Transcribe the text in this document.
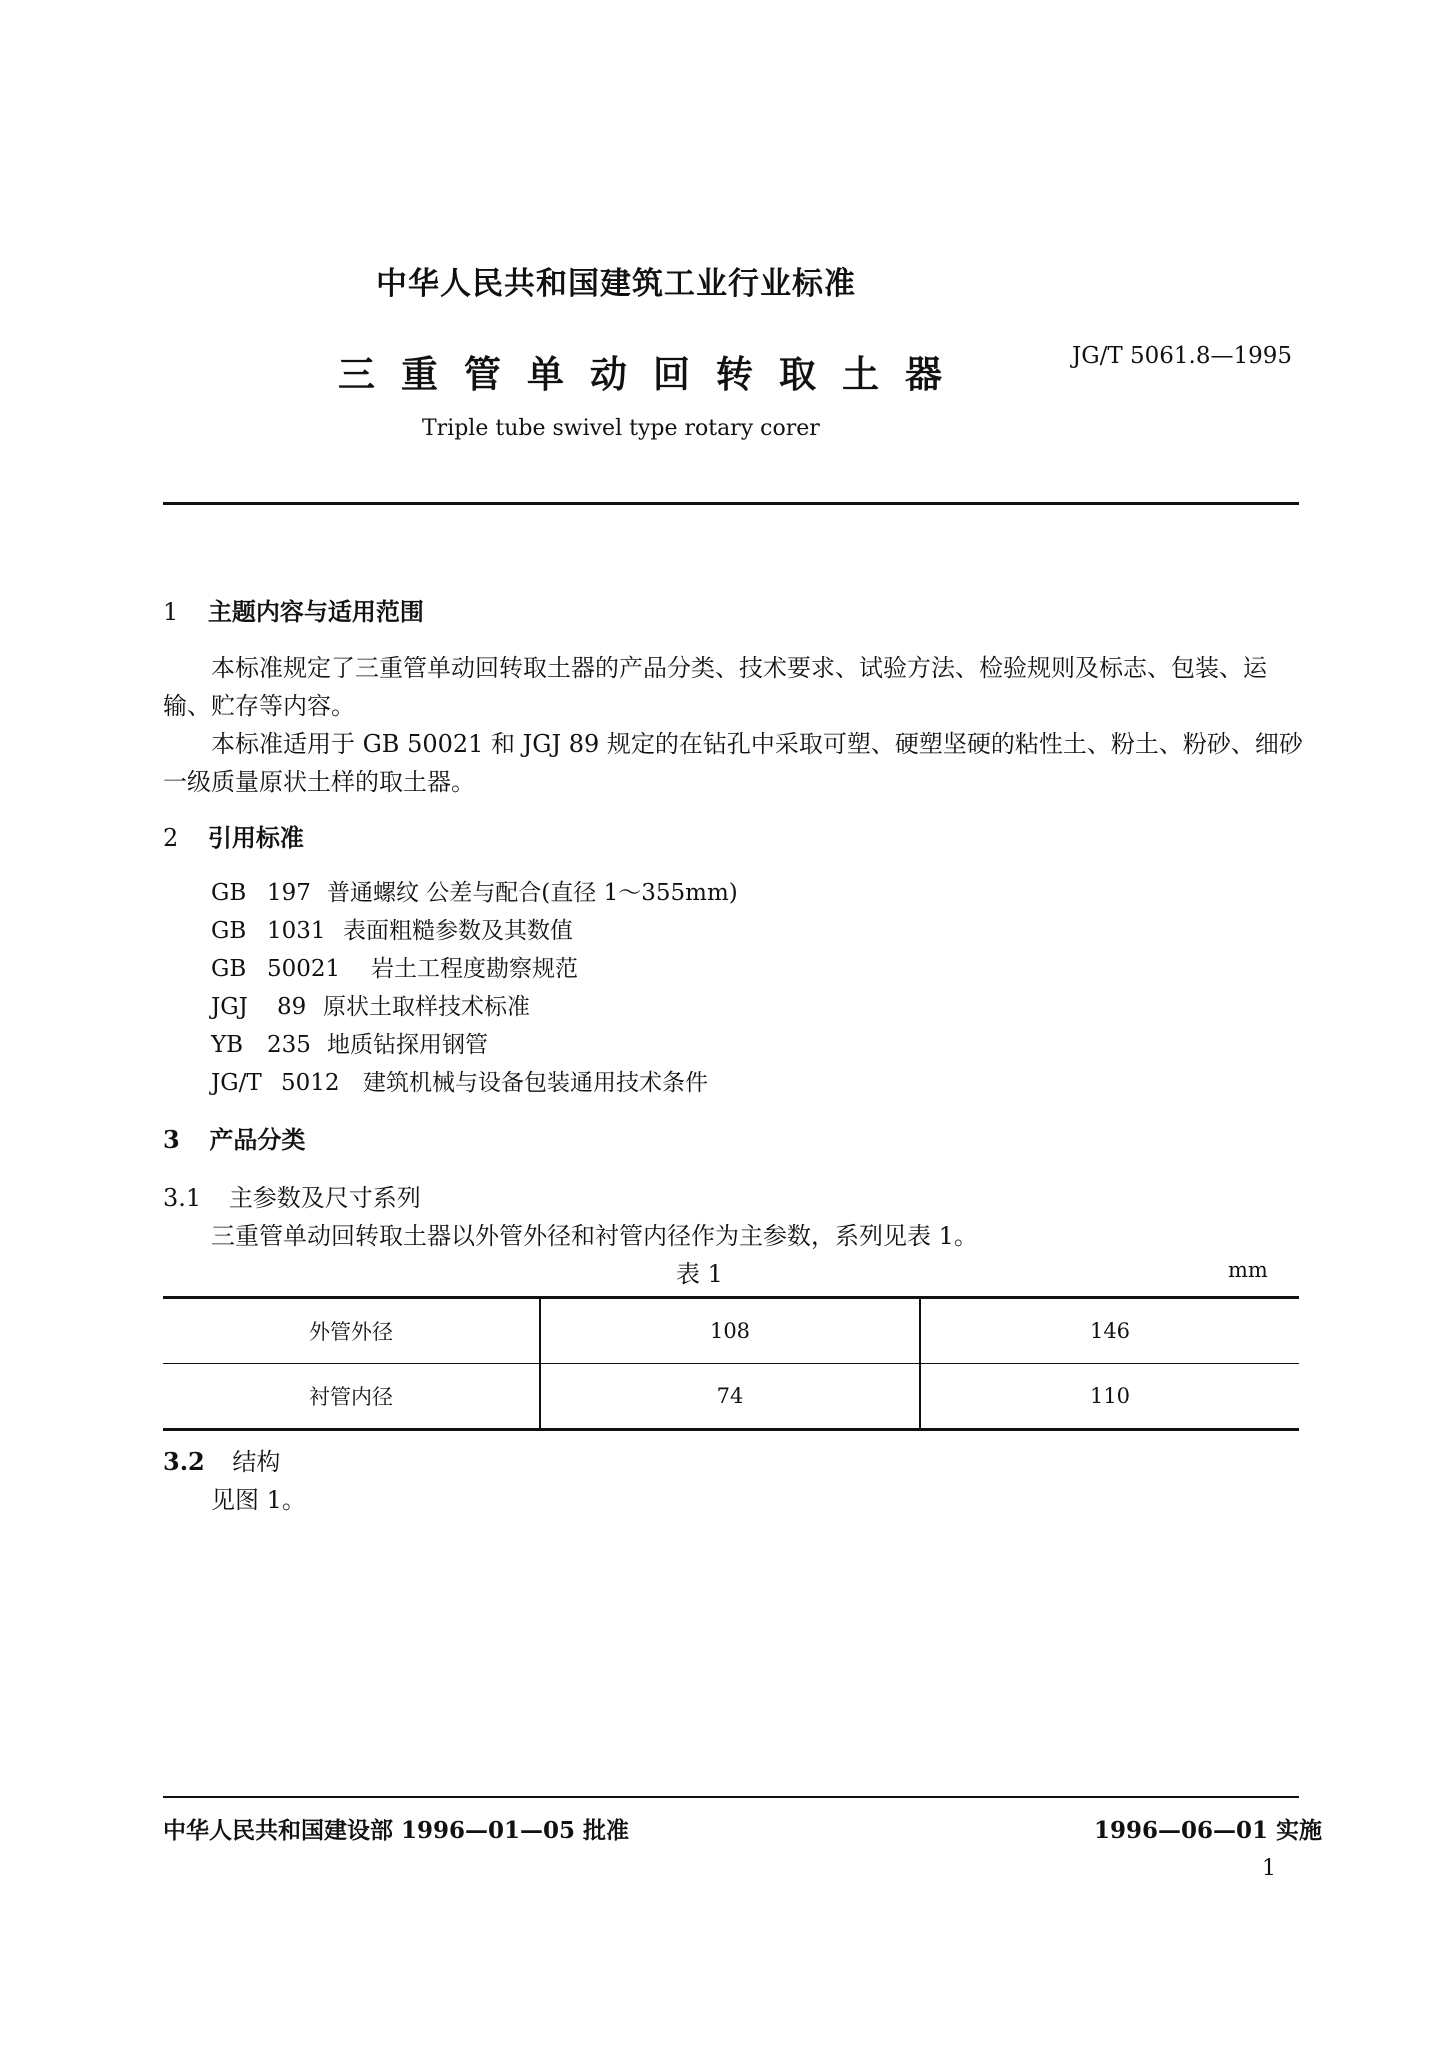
中华人民共和国建筑工业行业标准
三重管单动回转取土器	JG/T 5061.8—1995
Triple tube swivel type rotary corer
1 主题内容与适用范围
本标准规定了三重管单动回转取土器的产品分类、技术要求、试验方法、检验规则及标志、包装、运
输、贮存等内容。
本标准适用于 GB 50021 和 JGJ 89 规定的在钻孔中采取可塑、硬塑坚硬的粘性土、粉土、粉砂、细砂
一级质量原状土样的取土器。
2 引用标准
GB 197 普通螺纹 公差与配合(直径 1～355mm)
GB 1031 表面粗糙参数及其数值
GB 50021 岩土工程度勘察规范
JGJ 89 原状土取样技术标准
YB 235 地质钻探用钢管
JG/T 5012 建筑机械与设备包装通用技术条件
3 产品分类
3.1 主参数及尺寸系列
三重管单动回转取土器以外管外径和衬管内径作为主参数，系列见表 1。
表 1	mm
外管外径	108	146
衬管内径	74	110
3.2 结构
见图 1。
中华人民共和国建设部 1996—01—05 批准	1996—06—01 实施
1
